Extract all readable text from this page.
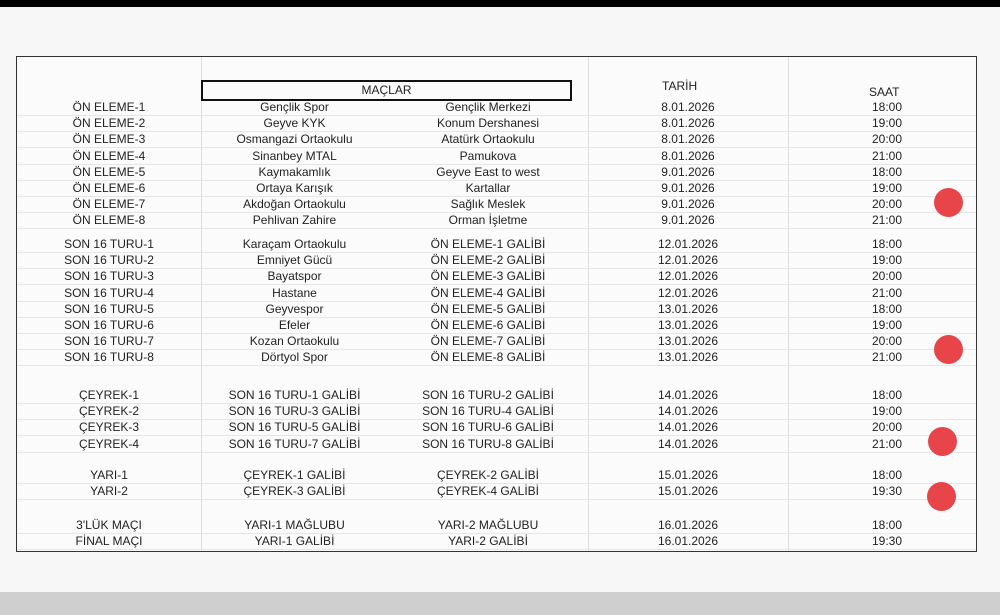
MAÇLAR	TARİH	SAAT
ÖN ELEME-1	Gençlik Spor	Gençlik Merkezi	8.01.2026	18:00
ÖN ELEME-2	Geyve KYK	Konum Dershanesi	8.01.2026	19:00
ÖN ELEME-3	Osmangazi Ortaokulu	Atatürk Ortaokulu	8.01.2026	20:00
ÖN ELEME-4	Sinanbey MTAL	Pamukova	8.01.2026	21:00
ÖN ELEME-5	Kaymakamlık	Geyve East to west	9.01.2026	18:00
ÖN ELEME-6	Ortaya Karışık	Kartallar	9.01.2026	19:00
ÖN ELEME-7	Akdoğan Ortaokulu	Sağlık Meslek	9.01.2026	20:00
ÖN ELEME-8	Pehlivan Zahire	Orman İşletme	9.01.2026	21:00
SON 16 TURU-1	Karaçam Ortaokulu	ÖN ELEME-1 GALİBİ	12.01.2026	18:00
SON 16 TURU-2	Emniyet Gücü	ÖN ELEME-2 GALİBİ	12.01.2026	19:00
SON 16 TURU-3	Bayatspor	ÖN ELEME-3 GALİBİ	12.01.2026	20:00
SON 16 TURU-4	Hastane	ÖN ELEME-4 GALİBİ	12.01.2026	21:00
SON 16 TURU-5	Geyvespor	ÖN ELEME-5 GALİBİ	13.01.2026	18:00
SON 16 TURU-6	Efeler	ÖN ELEME-6 GALİBİ	13.01.2026	19:00
SON 16 TURU-7	Kozan Ortaokulu	ÖN ELEME-7 GALİBİ	13.01.2026	20:00
SON 16 TURU-8	Dörtyol Spor	ÖN ELEME-8 GALİBİ	13.01.2026	21:00
ÇEYREK-1	SON 16 TURU-1 GALİBİ	SON 16 TURU-2 GALİBİ	14.01.2026	18:00
ÇEYREK-2	SON 16 TURU-3 GALİBİ	SON 16 TURU-4 GALİBİ	14.01.2026	19:00
ÇEYREK-3	SON 16 TURU-5 GALİBİ	SON 16 TURU-6 GALİBİ	14.01.2026	20:00
ÇEYREK-4	SON 16 TURU-7 GALİBİ	SON 16 TURU-8 GALİBİ	14.01.2026	21:00
YARI-1	ÇEYREK-1 GALİBİ	ÇEYREK-2 GALİBİ	15.01.2026	18:00
YARI-2	ÇEYREK-3 GALİBİ	ÇEYREK-4 GALİBİ	15.01.2026	19:30
3'LÜK MAÇI	YARI-1 MAĞLUBU	YARI-2 MAĞLUBU	16.01.2026	18:00
FİNAL MAÇI	YARI-1 GALİBİ	YARI-2 GALİBİ	16.01.2026	19:30
